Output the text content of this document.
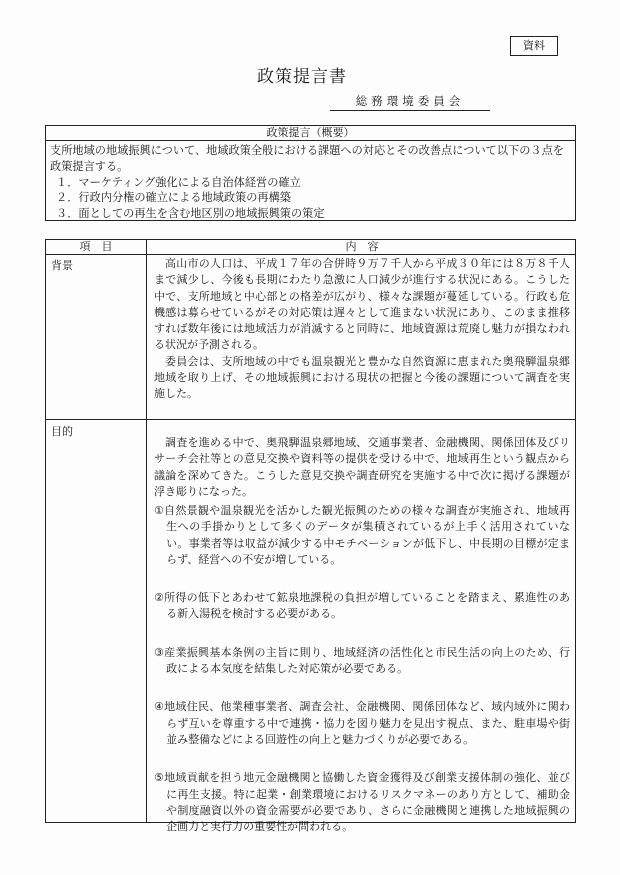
資料
政策提言書
総務環境委員会
政策提言（概要）
支所地域の地域振興について、地域政策全般における課題への対応とその改善点について以下の３点を政策提言する。
１．マーケティング強化による自治体経営の確立
２．行政内分権の確立による地域政策の再構築
３．面としての再生を含む地区別の地域振興策の策定
項　目	内　容
背景	高山市の人口は、平成１７年の合併時９万７千人から平成３０年には８万８千人まで減少し、今後も長期にわたり急激に人口減少が進行する状況にある。こうした中で、支所地域と中心部との格差が広がり、様々な課題が蔓延している。行政も危機感は募らせているがその対応策は遅々として進まない状況にあり、このまま推移すれば数年後には地域活力が消滅すると同時に、地域資源は荒廃し魅力が損なわれる状況が予測される。

委員会は、支所地域の中でも温泉観光と豊かな自然資源に恵まれた奥飛騨温泉郷地域を取り上げ、その地域振興における現状の把握と今後の課題について調査を実施した。

目的

調査を進める中で、奥飛騨温泉郷地域、交通事業者、金融機関、関係団体及びリサーチ会社等との意見交換や資料等の提供を受ける中で、地域再生という観点から議論を深めてきた。こうした意見交換や調査研究を実施する中で次に掲げる課題が浮き彫りになった。

①自然景観や温泉観光を活かした観光振興のための様々な調査が実施され、地域再生への手掛かりとして多くのデータが集積されているが上手く活用されていない。事業者等は収益が減少する中モチベーションが低下し、中長期の目標が定まらず、経営への不安が増している。
②所得の低下とあわせて鉱泉地課税の負担が増していることを踏まえ、累進性のある新入湯税を検討する必要がある。
③産業振興基本条例の主旨に則り、地域経済の活性化と市民生活の向上のため、行政による本気度を結集した対応策が必要である。
④地域住民、他業種事業者、調査会社、金融機関、関係団体など、域内域外に関わらず互いを尊重する中で連携・協力を図り魅力を見出す視点、また、駐車場や街並み整備などによる回遊性の向上と魅力づくりが必要である。
⑤地域貢献を担う地元金融機関と協働した資金獲得及び創業支援体制の強化、並びに再生支援。特に起業・創業環境におけるリスクマネーのあり方として、補助金や制度融資以外の資金需要が必要であり、さらに金融機関と連携した地域振興の企画力と実行力の重要性が問われる。
